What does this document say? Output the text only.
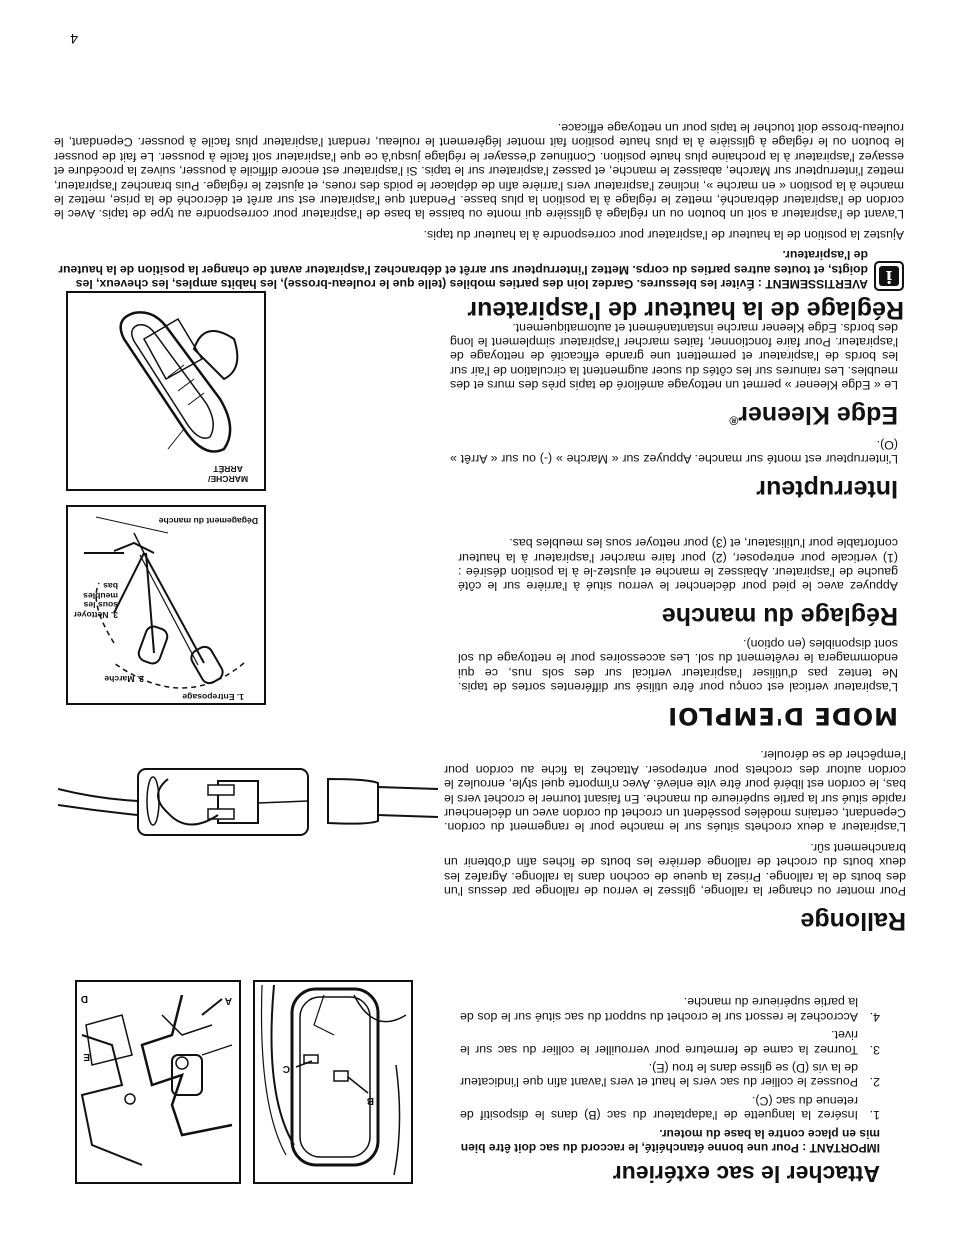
Attacher le sac extérieur
IMPORTANT : Pour une bonne étanchéité, le raccord du sac doit être bien mis en place contre la base du moteur.
1.
Insérez la languette de l'adaptateur du sac (B) dans le dispositif de retenue du sac (C).
2.
Poussez le collier du sac vers le haut et vers l'avant afin que l'indicateur de la vis (D) se glisse dans le trou (E).
3.
Tournez la came de fermeture pour verrouiller le collier du sac sur le rivet.
4.
Accrochez le ressort sur le crochet du support du sac situé sur le dos de la partie supérieure du manche.
B
C
A
D
E
Rallonge

Pour monter ou changer la rallonge, glissez le verrou de rallonge par dessus l'un des bouts de la rallonge. Prisez la queue de cochon dans la rallonge. Agrafez les deux bouts du crochet de rallonge derrière les bouts de fiches afin d'obtenir un branchement sûr.

L'aspirateur a deux crochets situés sur le manche pour le rangement du cordon. Cependant, certains modèles possèdent un crochet du cordon avec un déclencheur rapide situé sur la partie supérieure du manche. En faisant tourner le crochet vers le bas, le cordon est libéré pour être vite enlevé. Avec n'importe quel style, enroulez le cordon autour des crochets pour entreposer. Attachez la fiche au cordon pour l'empêcher de se dérouler.

MODE D'EMPLOI

L'aspirateur vertical est conçu pour être utilisé sur différentes sortes de tapis. Ne tentez pas d'utiliser l'aspirateur vertical sur des sols nus, ce qui endommagera le revêtement du sol. Les accessoires pour le nettoyage du sol sont disponibles (en option).

Réglage du manche

Appuyez avec le pied pour déclencher le verrou situé à l'arrière sur le côté gauche de l'aspirateur. Abaissez le manche et ajustez-le à la position désirée : (1) verticale pour entreposer, (2) pour faire marcher l'aspirateur à la hauteur confortable pour l'utilisateur, et (3) pour nettoyer sous les meubles bas.

Dégagement du manche
3. Nettoyer sous les meubles bas
2. Marche
1. Entreposage
Interrupteur

L'interrupteur est monté sur manche. Appuyez sur « Marche » (-) ou sur « Arrêt » (O).

Edge Kleener®

Le « Edge Kleener » permet un nettoyage amélioré de tapis près des murs et des meubles. Les rainures sur les côtés du sucer augmentent la circulation de l'air sur les bords de l'aspirateur et permettent une grande efficacité de nettoyage de l'aspirateur. Pour faire fonctionner, faites marcher l'aspirateur simplement le long des bords. Edge Kleener marche instantanément et automatiquement.

MARCHE/ ARRÊT
Réglage de la hauteur de l'aspirateur
i
AVERTISSEMENT : Éviter les blessures. Gardez loin des parties mobiles (telle que le rouleau-brosse), les habits amples, les cheveux, les doigts, et toutes autres parties du corps. Mettez l'interrupteur sur arrêt et débranchez l'aspirateur avant de changer la position de la hauteur de l'aspirateur.

Ajustez la position de la hauteur de l'aspirateur pour correspondre à la hauteur du tapis.

L'avant de l'aspirateur a soit un bouton ou un réglage à glissière qui monte ou baisse la base de l'aspirateur pour correspondre au type de tapis. Avec le cordon de l'aspirateur débranché, mettez le réglage à la position la plus basse. Pendant que l'aspirateur est sur arrêt et décroché de la prise, mettez le manche à la position « en marche », inclinez l'aspirateur vers l'arrière afin de déplacer le poids des roues, et ajustez le réglage. Puis branchez l'aspirateur, mettez l'interrupteur sur Marche, abaissez le manche, et passez l'aspirateur sur le tapis. Si l'aspirateur est encore difficile à pousser, suivez la procédure et essayez l'aspirateur à la prochaine plus haute position. Continuez d'essayer le réglage jusqu'à ce que l'aspirateur soit facile à pousser. Le fait de pousser le bouton ou le réglage à glissière à la plus haute position fait monter légèrement le rouleau, rendant l'aspirateur plus facile à pousser. Cependant, le rouleau-brosse doit toucher le tapis pour un nettoyage efficace.

4
